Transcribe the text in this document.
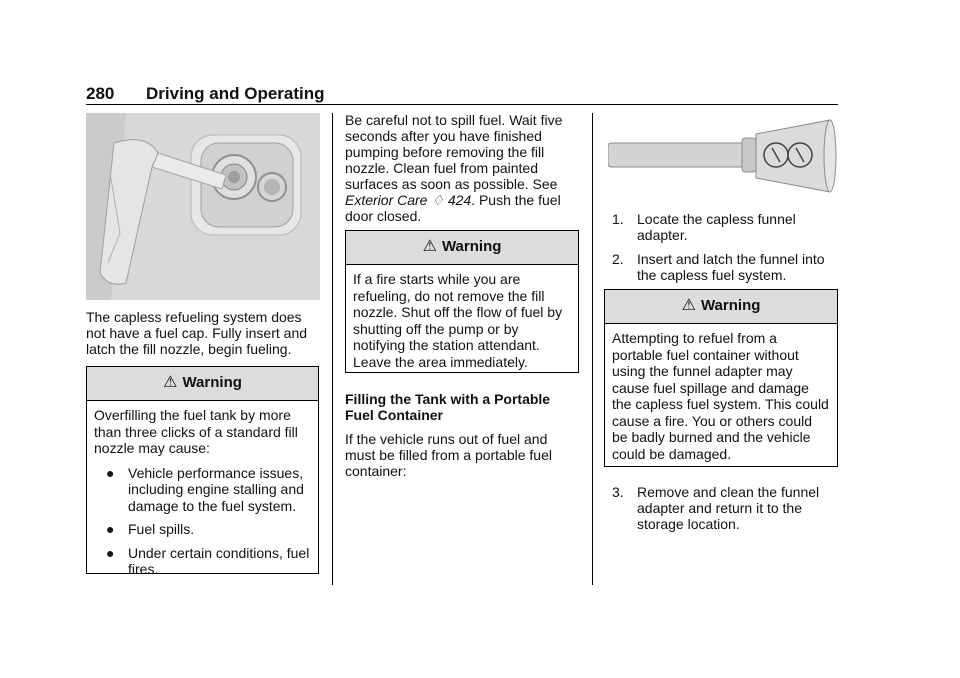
280 Driving and Operating

The capless refueling system does not have a fuel cap. Fully insert and latch the fill nozzle, begin fueling.

⚠ Warning

Overfilling the fuel tank by more than three clicks of a standard fill nozzle may cause:

● Vehicle performance issues, including engine stalling and damage to the fuel system.
● Fuel spills.
● Under certain conditions, fuel fires.

Be careful not to spill fuel. Wait five seconds after you have finished pumping before removing the fill nozzle. Clean fuel from painted surfaces as soon as possible. See Exterior Care ♢ 424. Push the fuel door closed.

⚠ Warning

If a fire starts while you are refueling, do not remove the fill nozzle. Shut off the flow of fuel by shutting off the pump or by notifying the station attendant. Leave the area immediately.

Filling the Tank with a Portable Fuel Container

If the vehicle runs out of fuel and must be filled from a portable fuel container:

1. Locate the capless funnel adapter.
2. Insert and latch the funnel into the capless fuel system.
⚠ Warning

Attempting to refuel from a portable fuel container without using the funnel adapter may cause fuel spillage and damage the capless fuel system. This could cause a fire. You or others could be badly burned and the vehicle could be damaged.

3. Remove and clean the funnel adapter and return it to the storage location.
